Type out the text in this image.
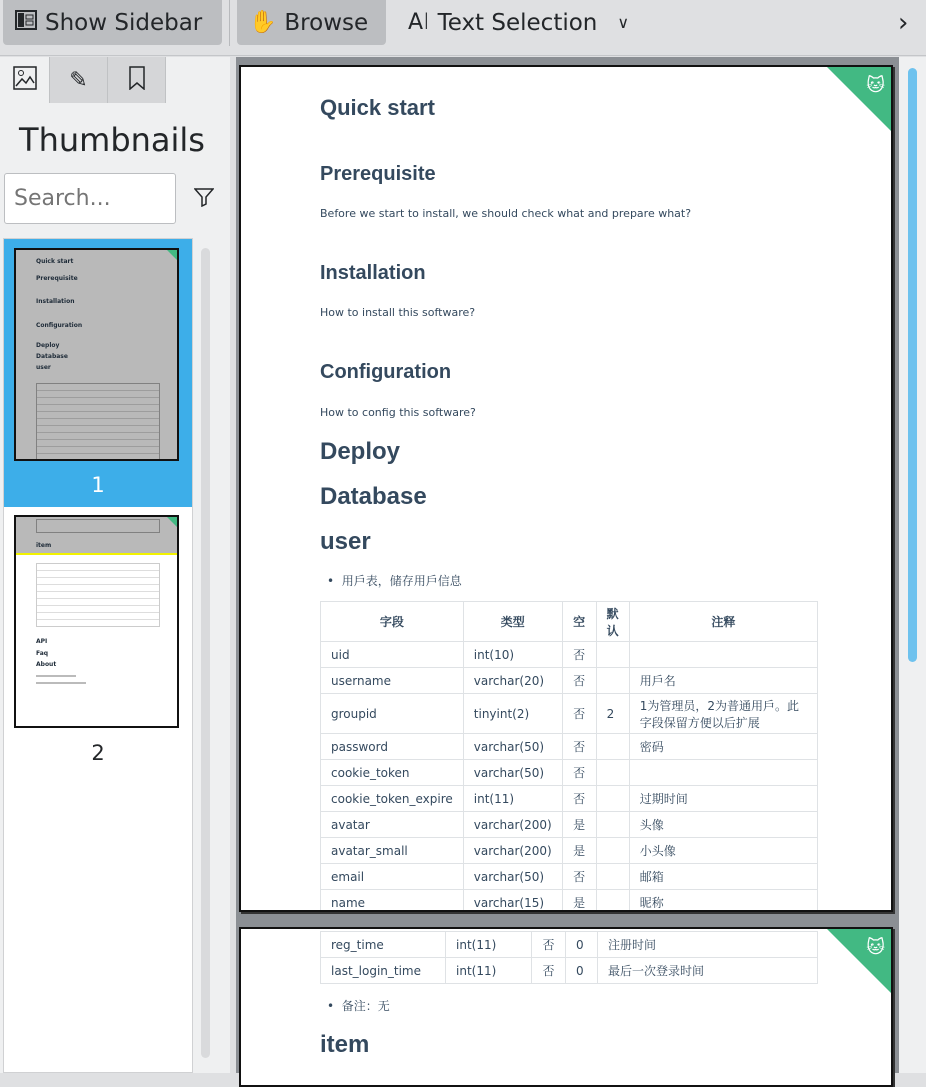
Show Sidebar ✋ Browse AI Text Selection ∨	›
✎
Thumbnails
Search...
Quick start
Prerequisite
Installation
Configuration
Deploy
Database
user
1
item
API
Faq
About
2
🐱
Quick start
Prerequisite
Before we start to install, we should check what and prepare what?
Installation
How to install this software?
Configuration
How to config this software?
Deploy
Database
user
•  用戶表，储存用戶信息
字段	类型	空	默认	注释
uid	int(10)	否		
username	varchar(20)	否		用戶名
groupid	tinyint(2)	否	2	1为管理员，2为普通用戶。此字段保留方便以后扩展
password	varchar(50)	否		密码
cookie_token	varchar(50)	否		
cookie_token_expire	int(11)	否		过期时间
avatar	varchar(200)	是		头像
avatar_small	varchar(200)	是		小头像
email	varchar(50)	否		邮箱
name	varchar(15)	是		昵称
🐱
reg_time	int(11)	否	0	注册时间
last_login_time	int(11)	否	0	最后一次登录时间
•  备注：无
item
